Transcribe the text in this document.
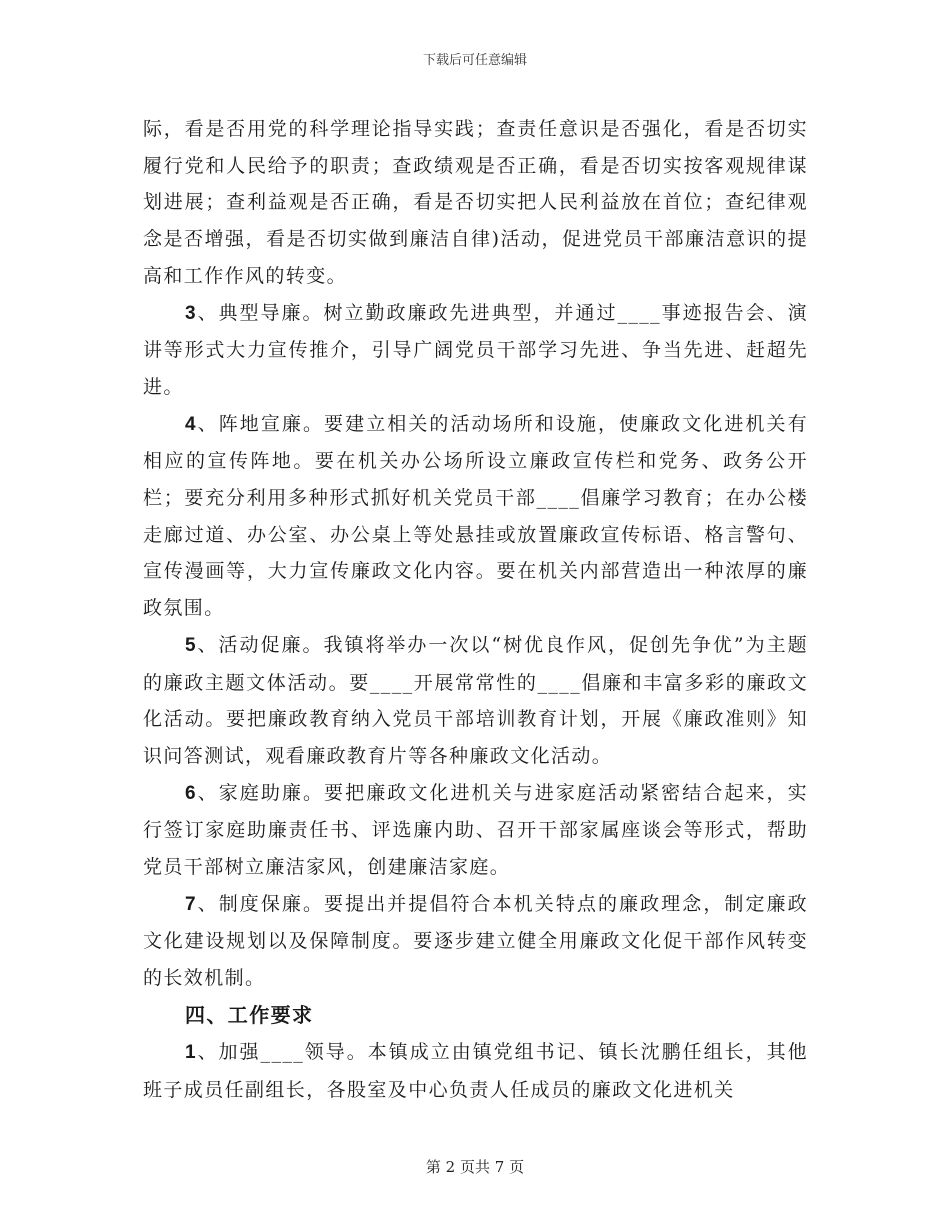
下载后可任意编辑

际，看是否用党的科学理论指导实践；查责任意识是否强化，看是否切实履行党和人民给予的职责；查政绩观是否正确，看是否切实按客观规律谋划进展；查利益观是否正确，看是否切实把人民利益放在首位；查纪律观念是否增强，看是否切实做到廉洁自律)活动，促进党员干部廉洁意识的提高和工作作风的转变。

3、典型导廉。树立勤政廉政先进典型，并通过____事迹报告会、演讲等形式大力宣传推介，引导广阔党员干部学习先进、争当先进、赶超先进。

4、阵地宣廉。要建立相关的活动场所和设施，使廉政文化进机关有相应的宣传阵地。要在机关办公场所设立廉政宣传栏和党务、政务公开栏；要充分利用多种形式抓好机关党员干部____倡廉学习教育；在办公楼走廊过道、办公室、办公桌上等处悬挂或放置廉政宣传标语、格言警句、宣传漫画等，大力宣传廉政文化内容。要在机关内部营造出一种浓厚的廉政氛围。

5、活动促廉。我镇将举办一次以“树优良作风，促创先争优”为主题的廉政主题文体活动。要____开展常常性的____倡廉和丰富多彩的廉政文化活动。要把廉政教育纳入党员干部培训教育计划，开展《廉政准则》知识问答测试，观看廉政教育片等各种廉政文化活动。

6、家庭助廉。要把廉政文化进机关与进家庭活动紧密结合起来，实行签订家庭助廉责任书、评选廉内助、召开干部家属座谈会等形式，帮助党员干部树立廉洁家风，创建廉洁家庭。

7、制度保廉。要提出并提倡符合本机关特点的廉政理念，制定廉政文化建设规划以及保障制度。要逐步建立健全用廉政文化促干部作风转变的长效机制。

四、工作要求

1、加强____领导。本镇成立由镇党组书记、镇长沈鹏任组长，其他班子成员任副组长，各股室及中心负责人任成员的廉政文化进机关

第 2 页共 7 页
